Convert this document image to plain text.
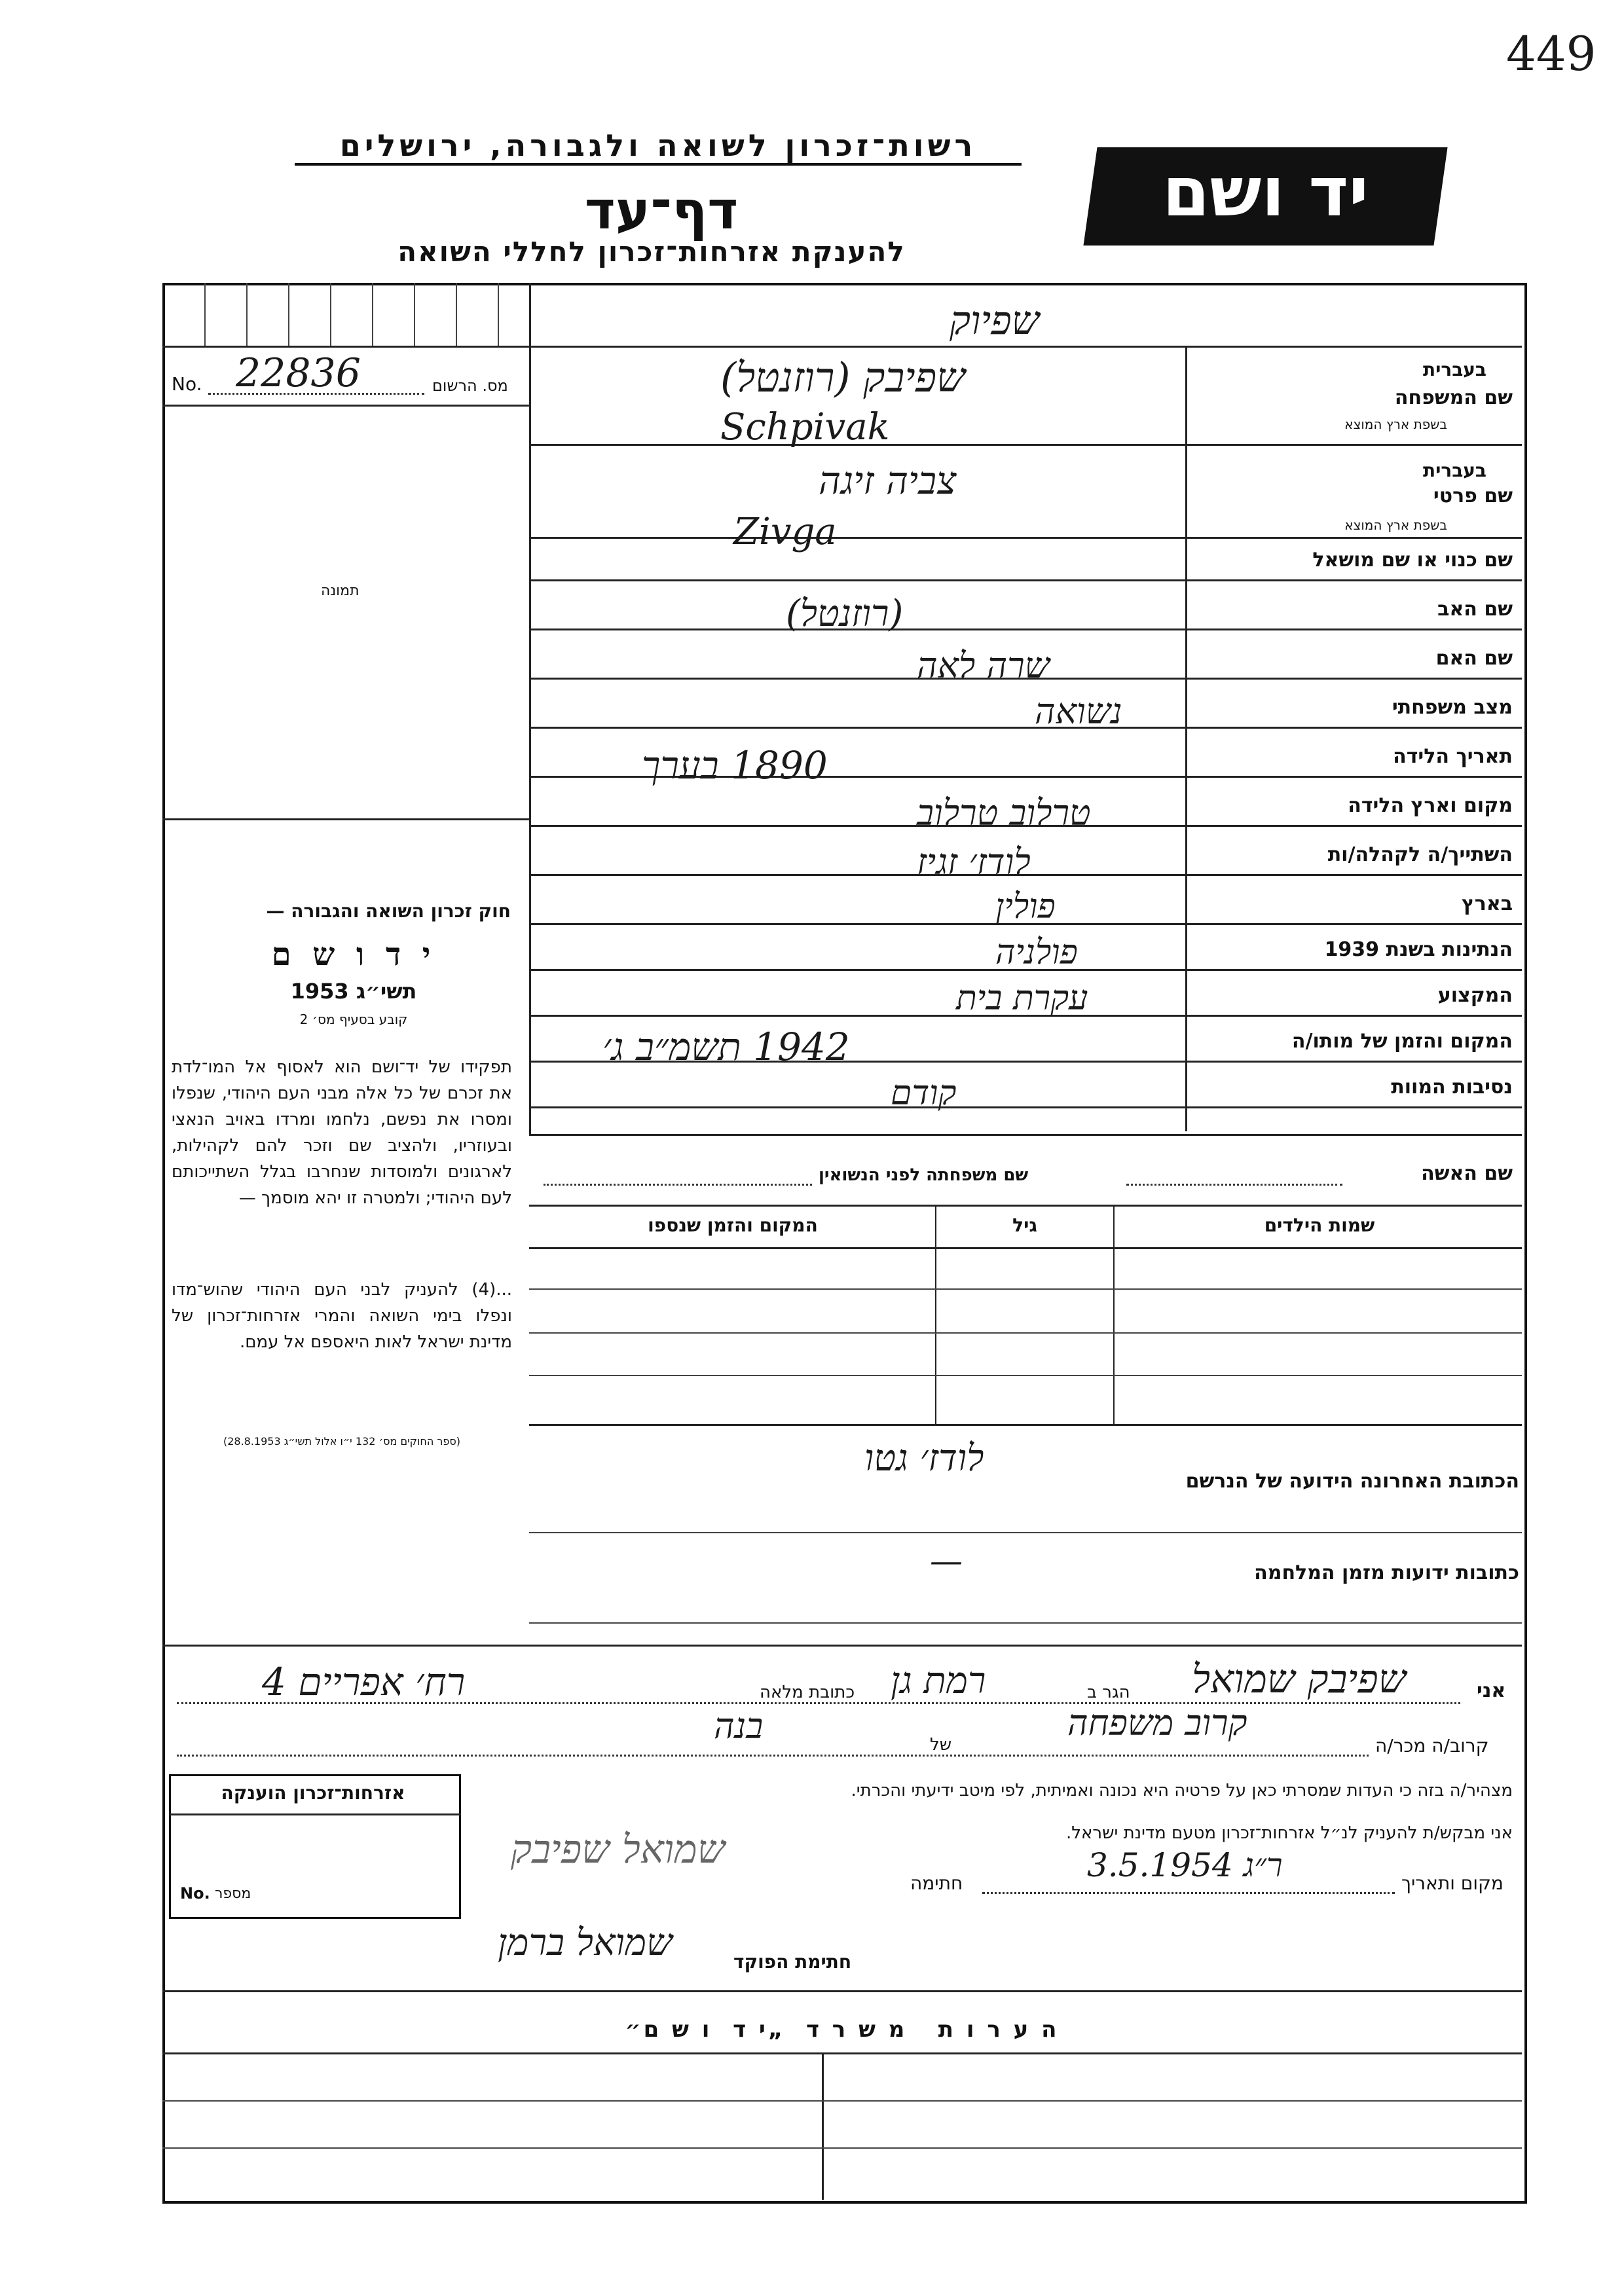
449
רשות־זכרון לשואה ולגבורה, ירושלים
דף־עד
להענקת אזרחות־זכרון לחללי השואה
יד ושם
No. 22836	מס. הרשום
תמונה
חוק זכרון השואה והגבורה —
י ד ו ש ם
תשי״ג 1953
קובע בסעיף מס׳ 2
תפקידו של יד־ושם הוא לאסוף אל המו־לדת את זכרם של כל אלה מבני העם היהודי, שנפלו ומסרו את נפשם, נלחמו ומרדו באויב הנאצי ובעוזריו, ולהציב שם וזכר להם לקהילות, לארגונים ולמוסדות שנחרבו בגלל השתייכותם לעם היהודי; ולמטרה זו יהא מוסמך —
...(4) להעניק לבני העם היהודי שהוש־מדו ונפלו בימי השואה והמרי אזרחות־זכרון של מדינת ישראל לאות היאספם אל עמם.
(ספר החוקים מס׳ 132 י״ו אלול תשי״ג 28.8.1953)
בעברית
שם המשפחה
בשפת ארץ המוצא
בעברית
שם פרטי
בשפת ארץ המוצא
שם כנוי או שם מושאל
שם האב
שם האם
מצב משפחתי
תאריך הלידה
מקום וארץ הלידה
השתייך/ה לקהלה/ות
בארץ
הנתינות בשנת 1939
המקצוע
המקום והזמן של מותו/ה
נסיבות המוות
שפיוק
שפיבק (רוזנטל)
Schpivak
צביה זיגה
Zivga
(רוזנטל)
שרה לאה
נשואה
1890 בערך
טרלוב טרלוב
לודז׳ זגיז
פולין
פולניה
עקרת בית
1942 תשמ״ב ג׳
קודם
שם האשה
שם משפחתה לפני הנשואין
שמות הילדים
גיל
המקום והזמן שנספו
לודז׳ גטו
הכתובת האחרונה הידועה של הנרשם
—	כתובות ידועות מזמן המלחמה
אני
שפיבק שמואל
הגר ב
רמת גן
כתובת מלאה
רח׳ אפריים 4
קרוב/ה מכר/ה
קרוב משפחה
של
בנה
מצהיר/ה בזה כי העדות שמסרתי כאן על פרטיה היא נכונה ואמיתית, לפי מיטב ידיעתי והכרתי.
אני מבקש/ת להעניק לנ״ל אזרחות־זכרון מטעם מדינת ישראל.
מקום ותאריך
ר״ג 3.5.1954
חתימה
שמואל שפיבק
חתימת הפוקד
שמואל ברמן
אזרחות־זכרון הוענקה
No. מספר
ה ע ר ו ת   מ ש ר ד  „י ד  ו ש ם״
